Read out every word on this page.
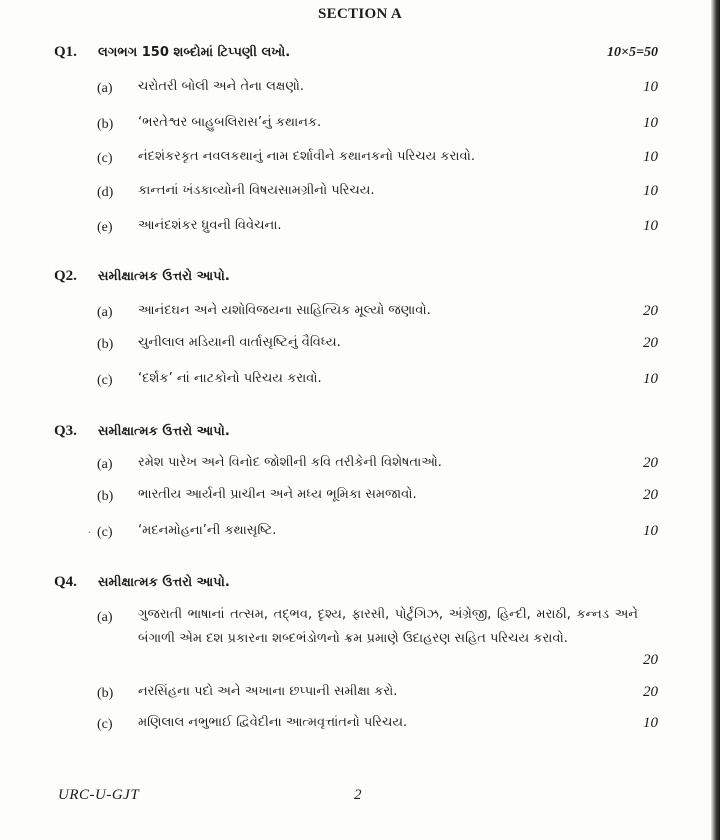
SECTION A
Q1. લગભગ 150 શબ્દોમાં ટિપ્પણી લખો.	10×5=50
(a)	ચરોતરી બોલી અને તેના લક્ષણો.	10
(b)	‘ભરતેશ્વર બાહુબલિરાસ’નું કથાનક.	10
(c)	નંદશંકરકૃત નવલકથાનું નામ દર્શાવીને કથાનકનો પરિચય કરાવો.	10
(d)	કાન્તનાં ખંડકાવ્યોની વિષયસામગ્રીનો પરિચય.	10
(e)	આનંદશંકર ધ્રુવની વિવેચના.	10
Q2. સમીક્ષાત્મક ઉત્તરો આપો.
(a)	આનંદઘન અને યશોવિજયના સાહિત્યિક મૂલ્યો જણાવો.	20
(b)	ચુનીલાલ મડિયાની વાર્તાસૃષ્ટિનું વૈવિધ્ય.	20
(c)	‘દર્શક’ નાં નાટકોનો પરિચય કરાવો.	10
Q3. સમીક્ષાત્મક ઉત્તરો આપો.
(a)	રમેશ પારેખ અને વિનોદ જોશીની કવિ તરીકેની વિશેષતાઓ.	20
(b)	ભારતીય આર્યની પ્રાચીન અને મધ્ય ભૂમિકા સમજાવો.	20
(c)	‘મદનમોહના’ની કથાસૃષ્ટિ.	10
·
Q4. સમીક્ષાત્મક ઉત્તરો આપો.
(a)	ગુજરાતી ભાષાનાં તત્સમ, તદ્ભવ, દૃશ્ય, ફારસી, પોર્ટુગિઝ, અંગ્રેજી, હિન્દી, મરાઠી, કન્નડ અને બંગાળી એમ દશ પ્રકારના શબ્દભંડોળનો ક્રમ પ્રમાણે ઉદાહરણ સહિત પરિચય કરાવો.
20
(b)	નરસિંહના પદો અને અખાના છપ્પાની સમીક્ષા કરો.	20
(c)	મણિલાલ નભુભાઈ દ્વિવેદીના આત્મવૃત્તાંતનો પરિચય.	10
URC-U-GJT	2
